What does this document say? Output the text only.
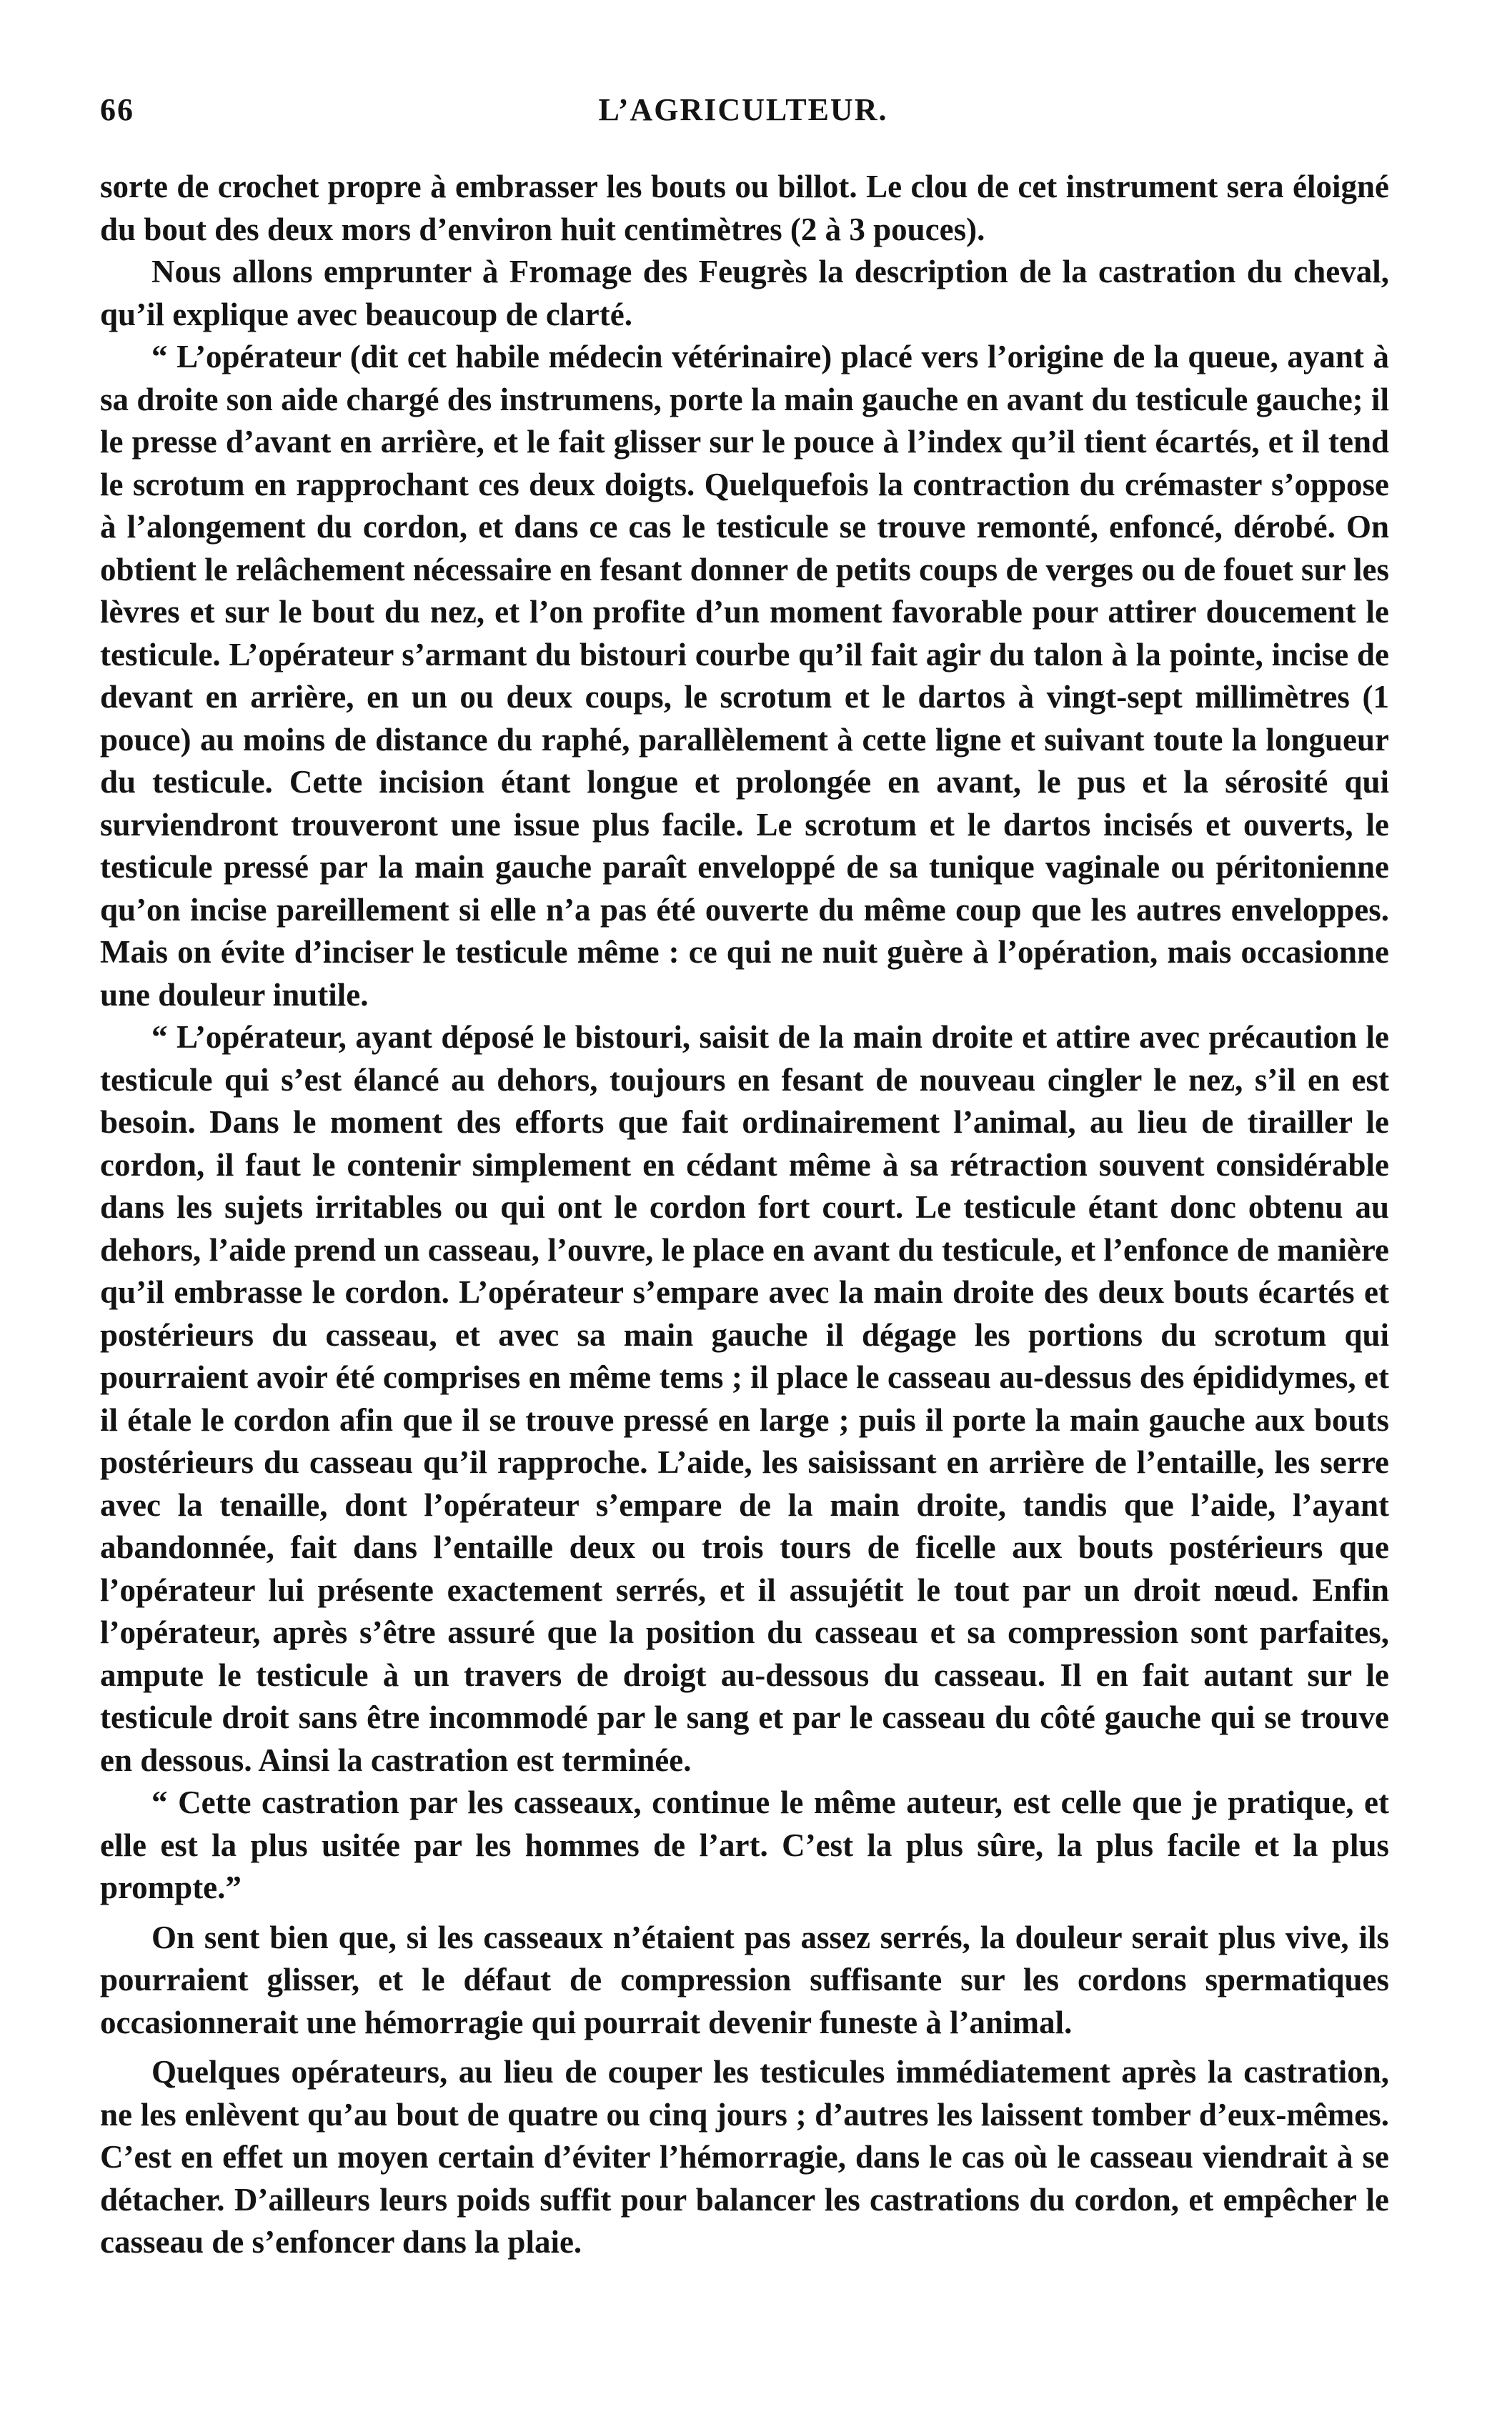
66	L’AGRICULTEUR.

sorte de crochet propre à embrasser les bouts ou billot. Le clou de cet instrument sera éloigné du bout des deux mors d’environ huit centimètres (2 à 3 pouces).

Nous allons emprunter à Fromage des Feugrès la description de la castration du cheval, qu’il explique avec beaucoup de clarté.

“ L’opérateur (dit cet habile médecin vétérinaire) placé vers l’origine de la queue, ayant à sa droite son aide chargé des instrumens, porte la main gauche en avant du testicule gauche; il le presse d’avant en arrière, et le fait glisser sur le pouce à l’index qu’il tient écartés, et il tend le scrotum en rapprochant ces deux doigts. Quelquefois la contraction du crémaster s’oppose à l’alongement du cordon, et dans ce cas le testicule se trouve remonté, enfoncé, dérobé. On obtient le relâchement nécessaire en fesant donner de petits coups de verges ou de fouet sur les lèvres et sur le bout du nez, et l’on profite d’un moment favorable pour attirer doucement le testicule. L’opérateur s’armant du bistouri courbe qu’il fait agir du talon à la pointe, incise de devant en arrière, en un ou deux coups, le scrotum et le dartos à vingt-sept millimètres (1 pouce) au moins de distance du raphé, parallèlement à cette ligne et suivant toute la longueur du testicule. Cette incision étant longue et prolongée en avant, le pus et la sérosité qui surviendront trouveront une issue plus facile. Le scrotum et le dartos incisés et ouverts, le testicule pressé par la main gauche paraît enveloppé de sa tunique vaginale ou péritonienne qu’on incise pareillement si elle n’a pas été ouverte du même coup que les autres enveloppes. Mais on évite d’inciser le testicule même : ce qui ne nuit guère à l’opération, mais occasionne une douleur inutile.

“ L’opérateur, ayant déposé le bistouri, saisit de la main droite et attire avec précaution le testicule qui s’est élancé au dehors, toujours en fesant de nouveau cingler le nez, s’il en est besoin. Dans le moment des efforts que fait ordinairement l’animal, au lieu de tirailler le cordon, il faut le contenir simplement en cédant même à sa rétraction souvent considérable dans les sujets irritables ou qui ont le cordon fort court. Le testicule étant donc obtenu au dehors, l’aide prend un casseau, l’ouvre, le place en avant du testicule, et l’enfonce de manière qu’il embrasse le cordon. L’opérateur s’empare avec la main droite des deux bouts écartés et postérieurs du casseau, et avec sa main gauche il dégage les portions du scrotum qui pourraient avoir été comprises en même tems ; il place le casseau au-dessus des épididymes, et il étale le cordon afin que il se trouve pressé en large ; puis il porte la main gauche aux bouts postérieurs du casseau qu’il rapproche. L’aide, les saisissant en arrière de l’entaille, les serre avec la tenaille, dont l’opérateur s’empare de la main droite, tandis que l’aide, l’ayant abandonnée, fait dans l’entaille deux ou trois tours de ficelle aux bouts postérieurs que l’opérateur lui présente exactement serrés, et il assujétit le tout par un droit nœud. Enfin l’opérateur, après s’être assuré que la position du casseau et sa compression sont parfaites, ampute le testicule à un travers de droigt au-dessous du casseau. Il en fait autant sur le testicule droit sans être incommodé par le sang et par le casseau du côté gauche qui se trouve en dessous. Ainsi la castration est terminée.

“ Cette castration par les casseaux, continue le même auteur, est celle que je pratique, et elle est la plus usitée par les hommes de l’art. C’est la plus sûre, la plus facile et la plus prompte.”

On sent bien que, si les casseaux n’étaient pas assez serrés, la douleur serait plus vive, ils pourraient glisser, et le défaut de compression suffisante sur les cordons spermatiques occasionnerait une hémorragie qui pourrait devenir funeste à l’animal.

Quelques opérateurs, au lieu de couper les testicules immédiatement après la castration, ne les enlèvent qu’au bout de quatre ou cinq jours ; d’autres les laissent tomber d’eux-mêmes. C’est en effet un moyen certain d’éviter l’hémorragie, dans le cas où le casseau viendrait à se détacher. D’ailleurs leurs poids suffit pour balancer les castrations du cordon, et empêcher le casseau de s’enfoncer dans la plaie.
